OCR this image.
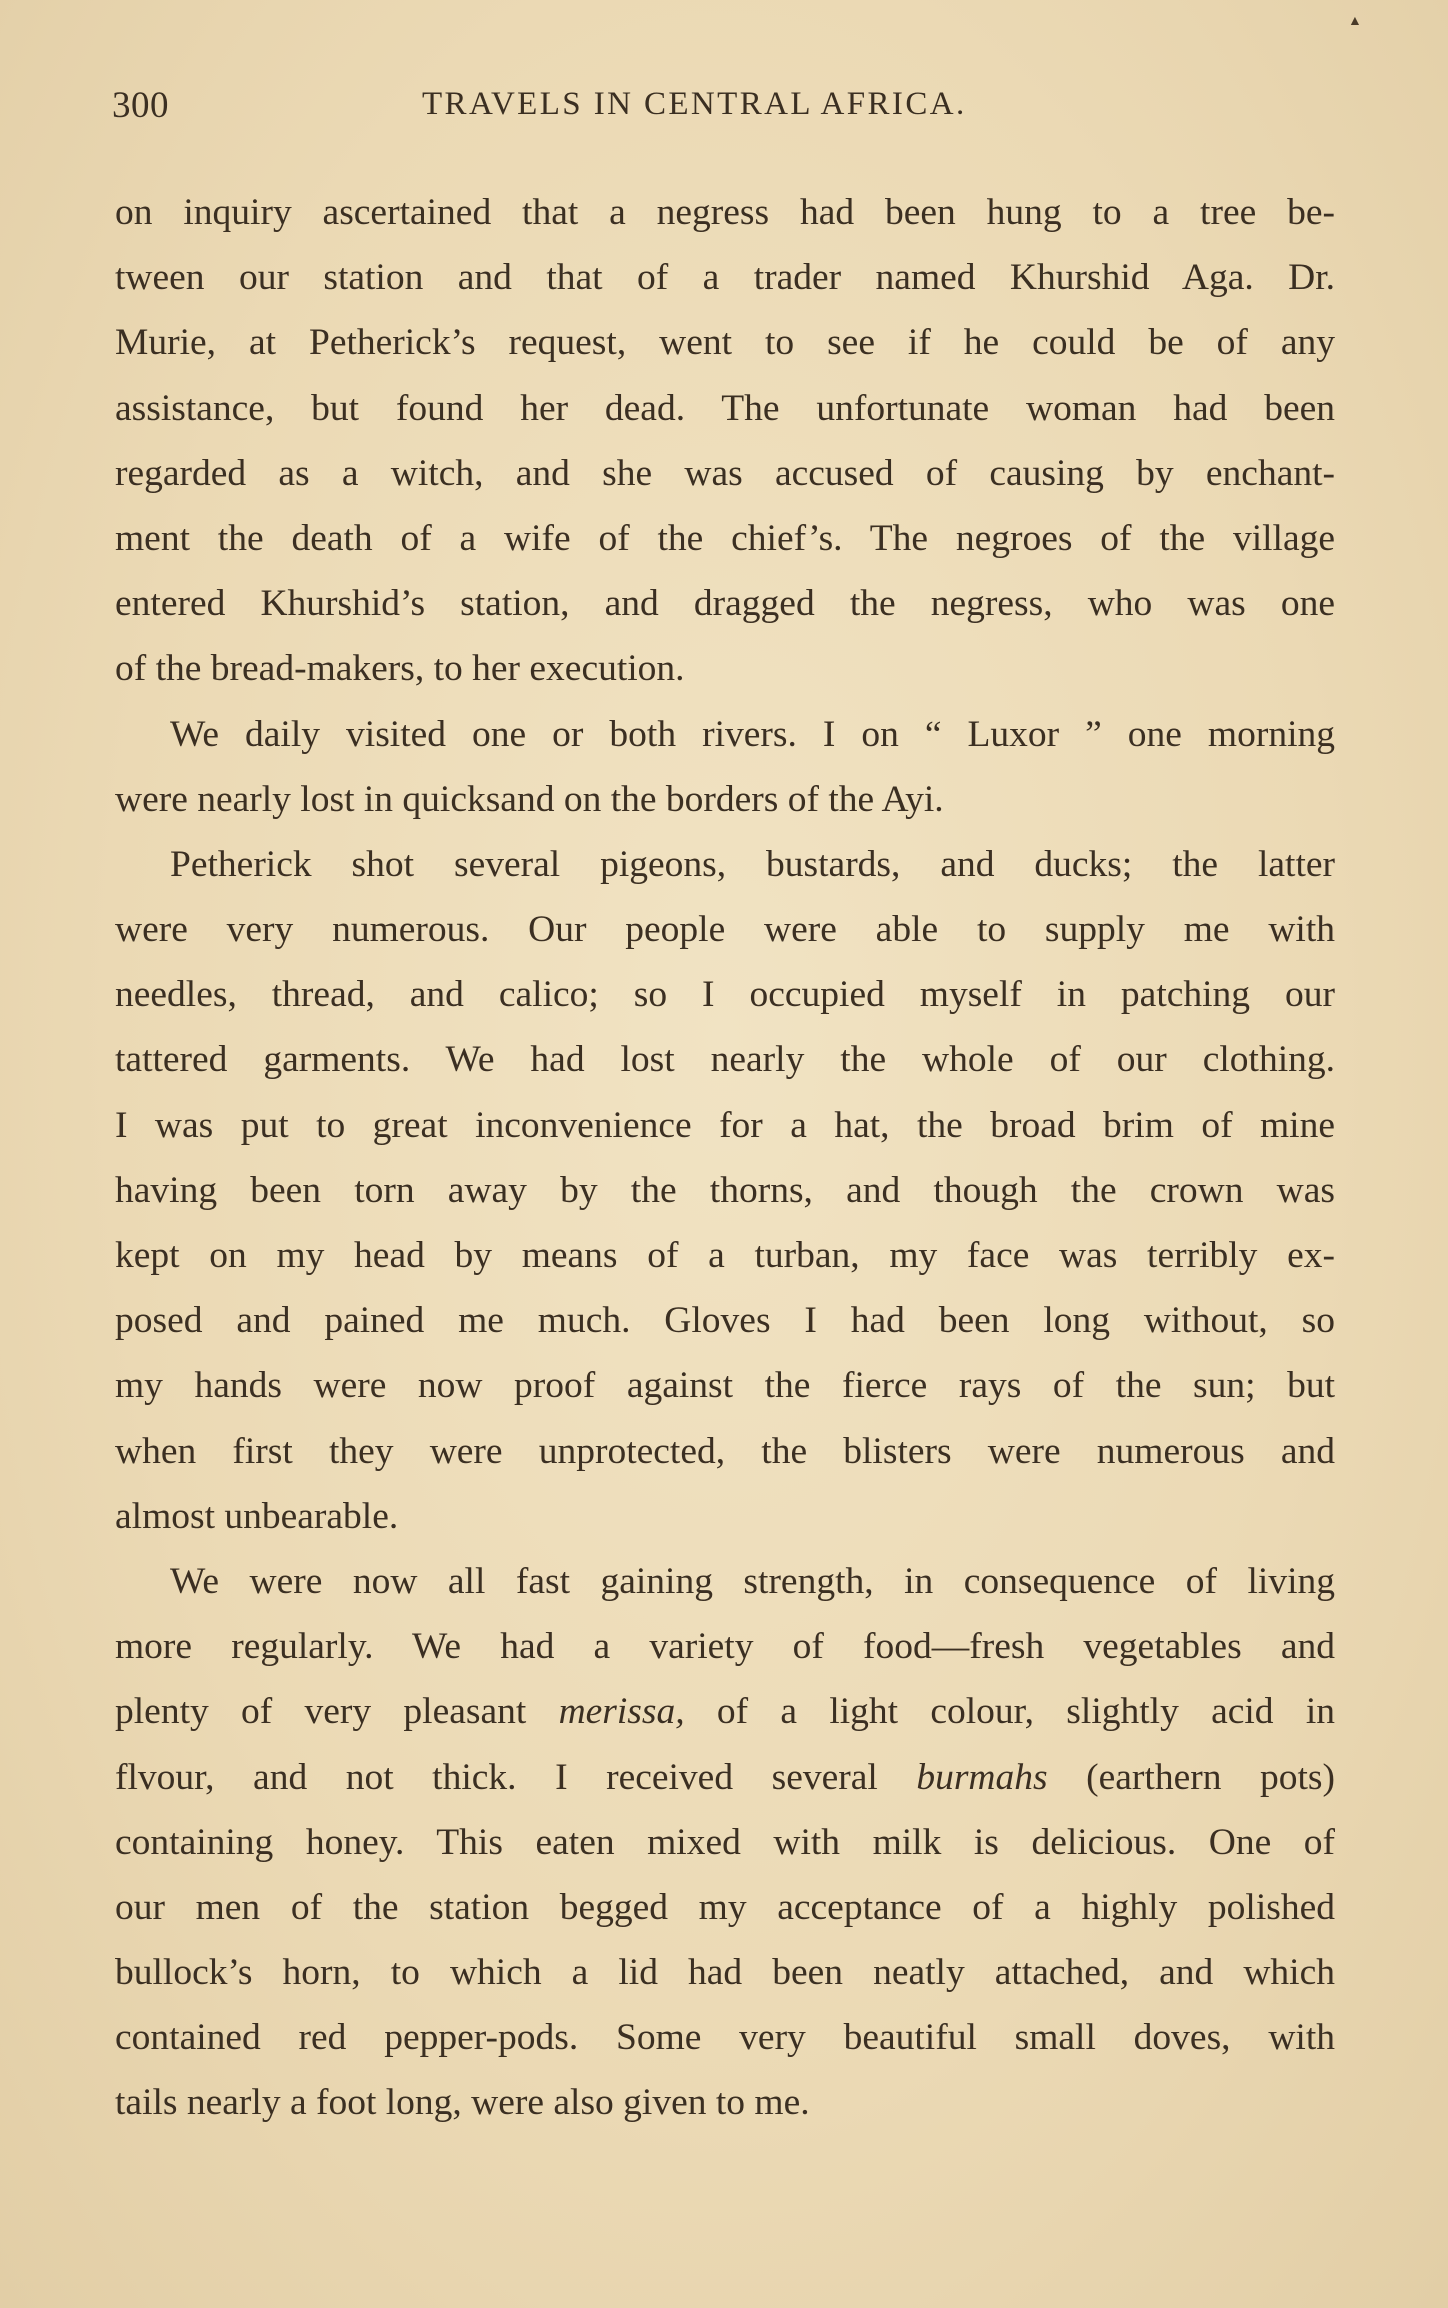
▲
300	TRAVELS IN CENTRAL AFRICA.
on inquiry ascertained that a negress had been hung to a tree be-
tween our station and that of a trader named Khurshid Aga. Dr.
Murie, at Petherick’s request, went to see if he could be of any
assistance, but found her dead. The unfortunate woman had been
regarded as a witch, and she was accused of causing by enchant-
ment the death of a wife of the chief’s. The negroes of the village
entered Khurshid’s station, and dragged the negress, who was one
of the bread-makers, to her execution.
We daily visited one or both rivers. I on “ Luxor ” one morning
were nearly lost in quicksand on the borders of the Ayi.
Petherick shot several pigeons, bustards, and ducks; the latter
were very numerous. Our people were able to supply me with
needles, thread, and calico; so I occupied myself in patching our
tattered garments. We had lost nearly the whole of our clothing.
I was put to great inconvenience for a hat, the broad brim of mine
having been torn away by the thorns, and though the crown was
kept on my head by means of a turban, my face was terribly ex-
posed and pained me much. Gloves I had been long without, so
my hands were now proof against the fierce rays of the sun; but
when first they were unprotected, the blisters were numerous and
almost unbearable.
We were now all fast gaining strength, in consequence of living
more regularly. We had a variety of food—fresh vegetables and
plenty of very pleasant merissa, of a light colour, slightly acid in
flvour, and not thick. I received several burmahs (earthern pots)
containing honey. This eaten mixed with milk is delicious. One of
our men of the station begged my acceptance of a highly polished
bullock’s horn, to which a lid had been neatly attached, and which
contained red pepper-pods. Some very beautiful small doves, with
tails nearly a foot long, were also given to me.
